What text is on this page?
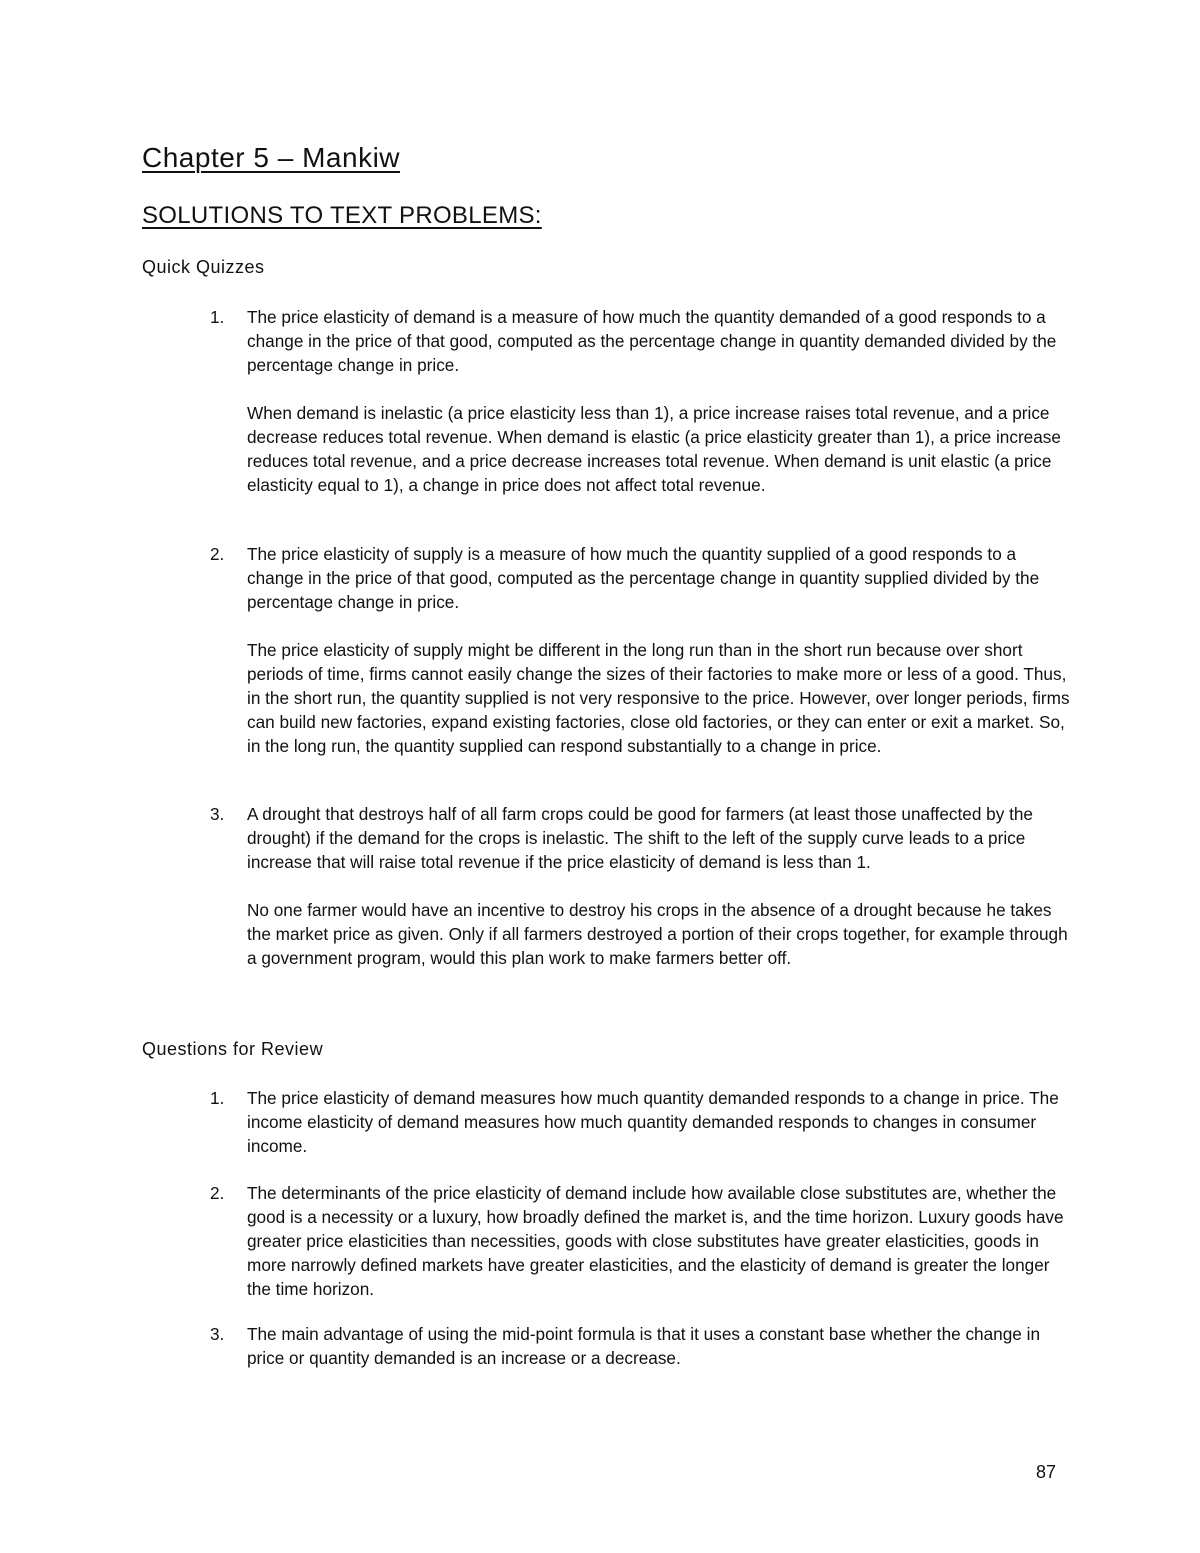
Chapter 5 – Mankiw
SOLUTIONS TO TEXT PROBLEMS:
Quick Quizzes
1. The price elasticity of demand is a measure of how much the quantity demanded of a good responds to a change in the price of that good, computed as the percentage change in quantity demanded divided by the percentage change in price.

When demand is inelastic (a price elasticity less than 1), a price increase raises total revenue, and a price decrease reduces total revenue. When demand is elastic (a price elasticity greater than 1), a price increase reduces total revenue, and a price decrease increases total revenue. When demand is unit elastic (a price elasticity equal to 1), a change in price does not affect total revenue.

2. The price elasticity of supply is a measure of how much the quantity supplied of a good responds to a change in the price of that good, computed as the percentage change in quantity supplied divided by the percentage change in price.

The price elasticity of supply might be different in the long run than in the short run because over short periods of time, firms cannot easily change the sizes of their factories to make more or less of a good. Thus, in the short run, the quantity supplied is not very responsive to the price. However, over longer periods, firms can build new factories, expand existing factories, close old factories, or they can enter or exit a market. So, in the long run, the quantity supplied can respond substantially to a change in price.

3. A drought that destroys half of all farm crops could be good for farmers (at least those unaffected by the drought) if the demand for the crops is inelastic. The shift to the left of the supply curve leads to a price increase that will raise total revenue if the price elasticity of demand is less than 1.

No one farmer would have an incentive to destroy his crops in the absence of a drought because he takes the market price as given. Only if all farmers destroyed a portion of their crops together, for example through a government program, would this plan work to make farmers better off.

Questions for Review
1. The price elasticity of demand measures how much quantity demanded responds to a change in price. The income elasticity of demand measures how much quantity demanded responds to changes in consumer income.

2. The determinants of the price elasticity of demand include how available close substitutes are, whether the good is a necessity or a luxury, how broadly defined the market is, and the time horizon. Luxury goods have greater price elasticities than necessities, goods with close substitutes have greater elasticities, goods in more narrowly defined markets have greater elasticities, and the elasticity of demand is greater the longer the time horizon.

3. The main advantage of using the mid-point formula is that it uses a constant base whether the change in price or quantity demanded is an increase or a decrease.

87
